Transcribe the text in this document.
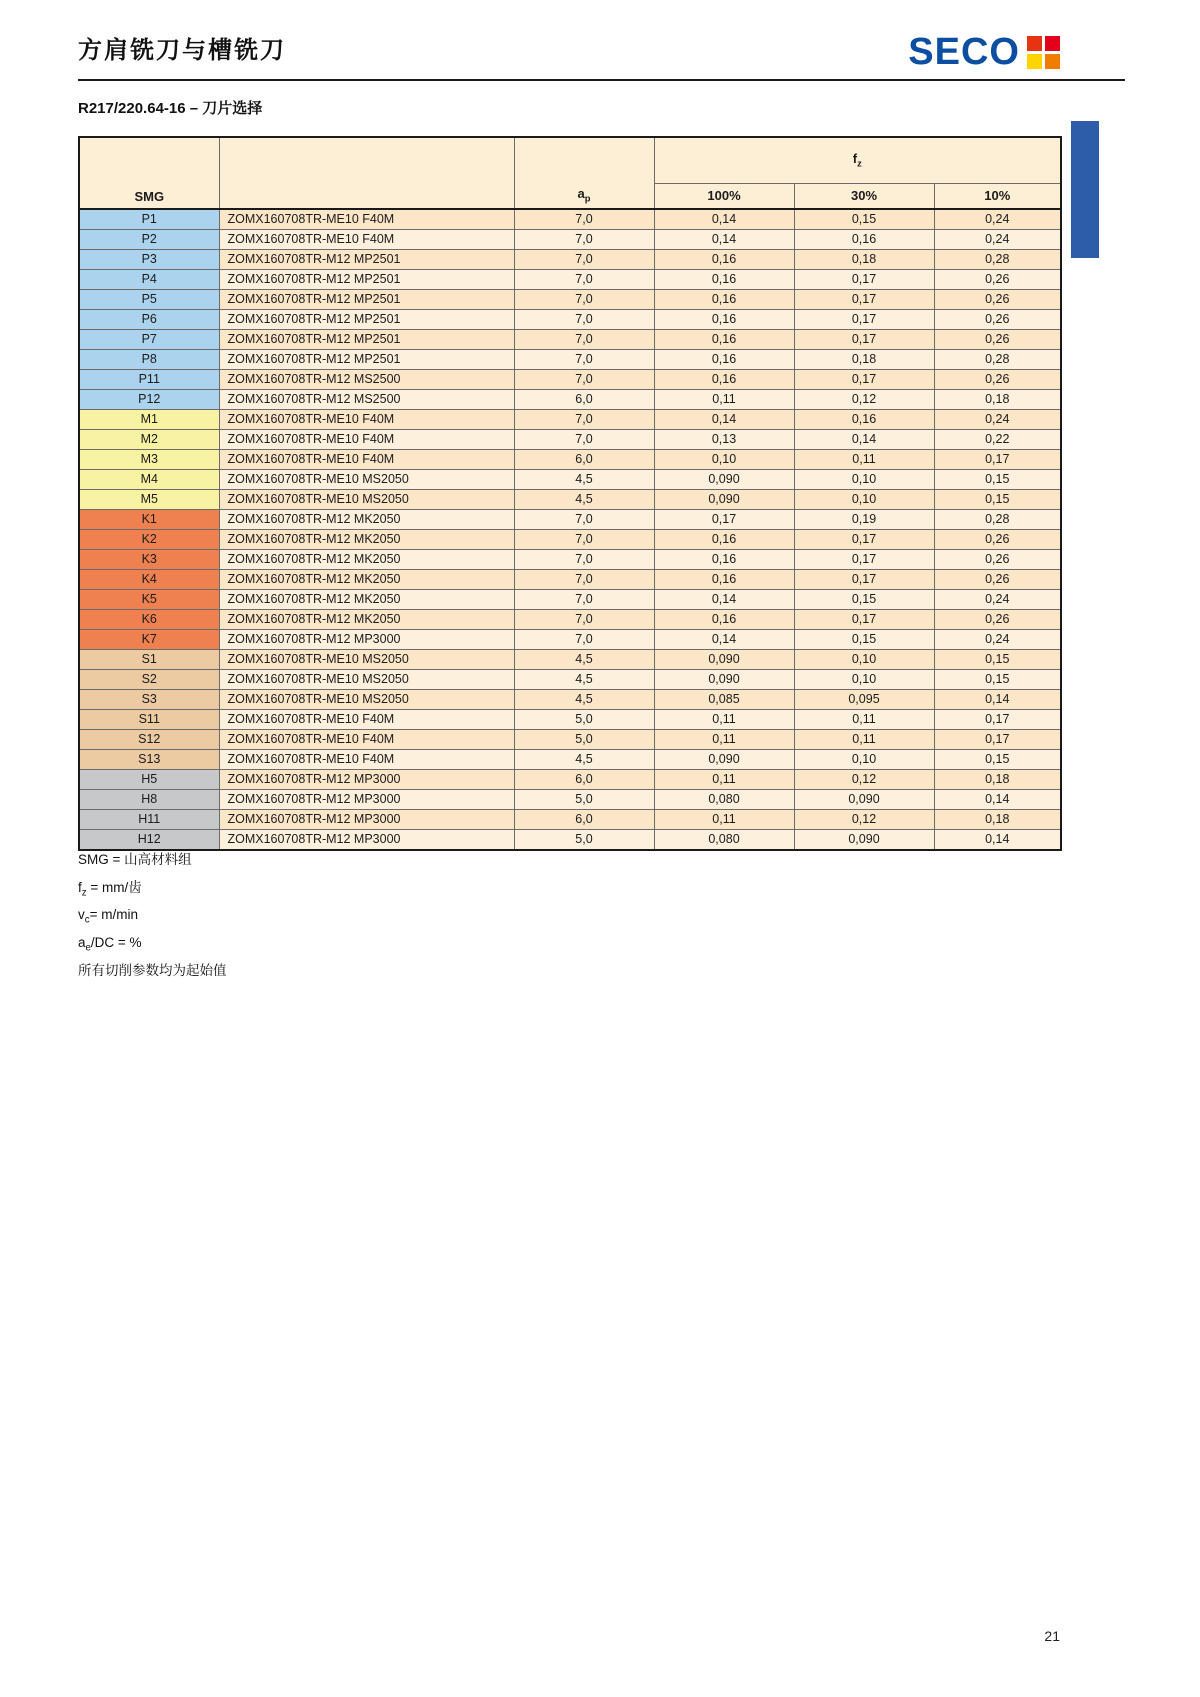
方肩铣刀与槽铣刀	SECO
R217/220.64-16 – 刀片选择
SMG		$a_p$	$f_z$
			100%	30%	10%
P1	ZOMX160708TR-ME10 F40M	7,0	0,14	0,15	0,24
P2	ZOMX160708TR-ME10 F40M	7,0	0,14	0,16	0,24
P3	ZOMX160708TR-M12 MP2501	7,0	0,16	0,18	0,28
P4	ZOMX160708TR-M12 MP2501	7,0	0,16	0,17	0,26
P5	ZOMX160708TR-M12 MP2501	7,0	0,16	0,17	0,26
P6	ZOMX160708TR-M12 MP2501	7,0	0,16	0,17	0,26
P7	ZOMX160708TR-M12 MP2501	7,0	0,16	0,17	0,26
P8	ZOMX160708TR-M12 MP2501	7,0	0,16	0,18	0,28
P11	ZOMX160708TR-M12 MS2500	7,0	0,16	0,17	0,26
P12	ZOMX160708TR-M12 MS2500	6,0	0,11	0,12	0,18
M1	ZOMX160708TR-ME10 F40M	7,0	0,14	0,16	0,24
M2	ZOMX160708TR-ME10 F40M	7,0	0,13	0,14	0,22
M3	ZOMX160708TR-ME10 F40M	6,0	0,10	0,11	0,17
M4	ZOMX160708TR-ME10 MS2050	4,5	0,090	0,10	0,15
M5	ZOMX160708TR-ME10 MS2050	4,5	0,090	0,10	0,15
K1	ZOMX160708TR-M12 MK2050	7,0	0,17	0,19	0,28
K2	ZOMX160708TR-M12 MK2050	7,0	0,16	0,17	0,26
K3	ZOMX160708TR-M12 MK2050	7,0	0,16	0,17	0,26
K4	ZOMX160708TR-M12 MK2050	7,0	0,16	0,17	0,26
K5	ZOMX160708TR-M12 MK2050	7,0	0,14	0,15	0,24
K6	ZOMX160708TR-M12 MK2050	7,0	0,16	0,17	0,26
K7	ZOMX160708TR-M12 MP3000	7,0	0,14	0,15	0,24
S1	ZOMX160708TR-ME10 MS2050	4,5	0,090	0,10	0,15
S2	ZOMX160708TR-ME10 MS2050	4,5	0,090	0,10	0,15
S3	ZOMX160708TR-ME10 MS2050	4,5	0,085	0,095	0,14
S11	ZOMX160708TR-ME10 F40M	5,0	0,11	0,11	0,17
S12	ZOMX160708TR-ME10 F40M	5,0	0,11	0,11	0,17
S13	ZOMX160708TR-ME10 F40M	4,5	0,090	0,10	0,15
H5	ZOMX160708TR-M12 MP3000	6,0	0,11	0,12	0,18
H8	ZOMX160708TR-M12 MP3000	5,0	0,080	0,090	0,14
H11	ZOMX160708TR-M12 MP3000	6,0	0,11	0,12	0,18
H12	ZOMX160708TR-M12 MP3000	5,0	0,080	0,090	0,14
SMG = 山高材料组
$f_z = mm/$齿
$v_c= m/\min$
$a_e/DC$ = %
所有切削参数均为起始值
21
